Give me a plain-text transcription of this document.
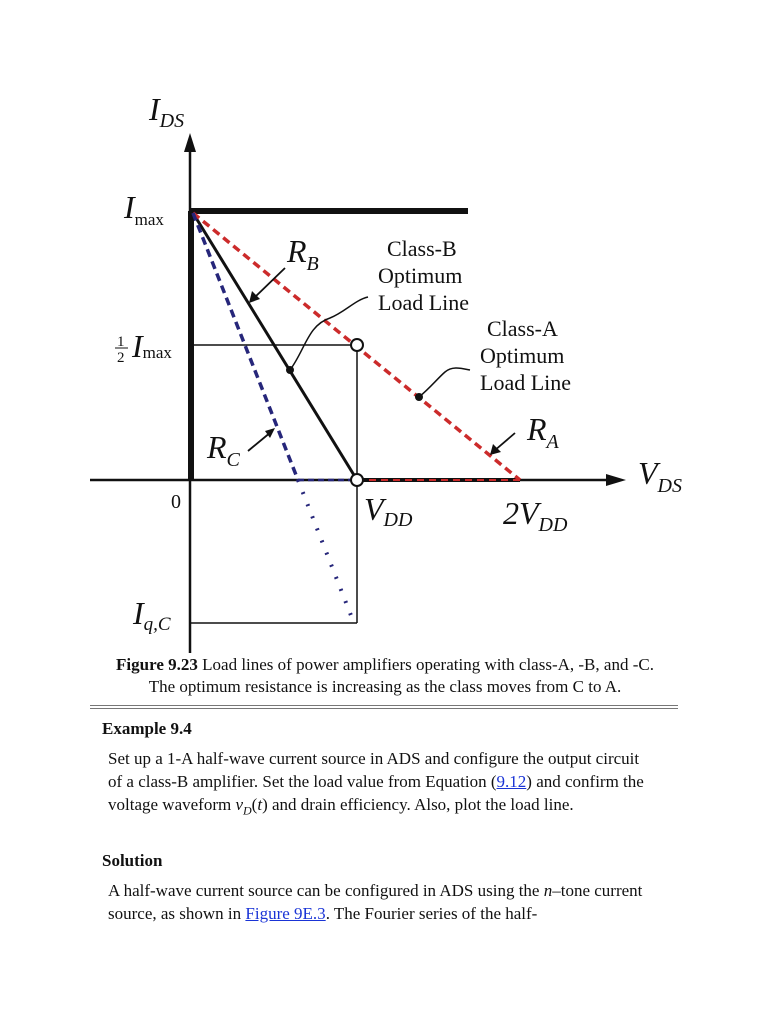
$I_{DS}$
$V_{DS}$
$I_{max}$
1
2 Imax
0
Iq,C
VDD	$2V_{DD}$
$R_B$
$R_C$
$R_A$
Class-B Optimum Load Line
Class-A Optimum Load Line
Figure 9.23 Load lines of power amplifiers operating with class-A, -B, and -C. The optimum resistance is increasing as the class moves from C to A.
Example 9.4
Set up a 1-A half-wave current source in ADS and configure the output circuit of a class-B amplifier. Set the load value from Equation (9.12) and confirm the voltage waveform $v_D(t)$ and drain efficiency. Also, plot the load line.
Solution
A half-wave current source can be configured in ADS using the n–tone current source, as shown in Figure 9E.3. The Fourier series of the half-
